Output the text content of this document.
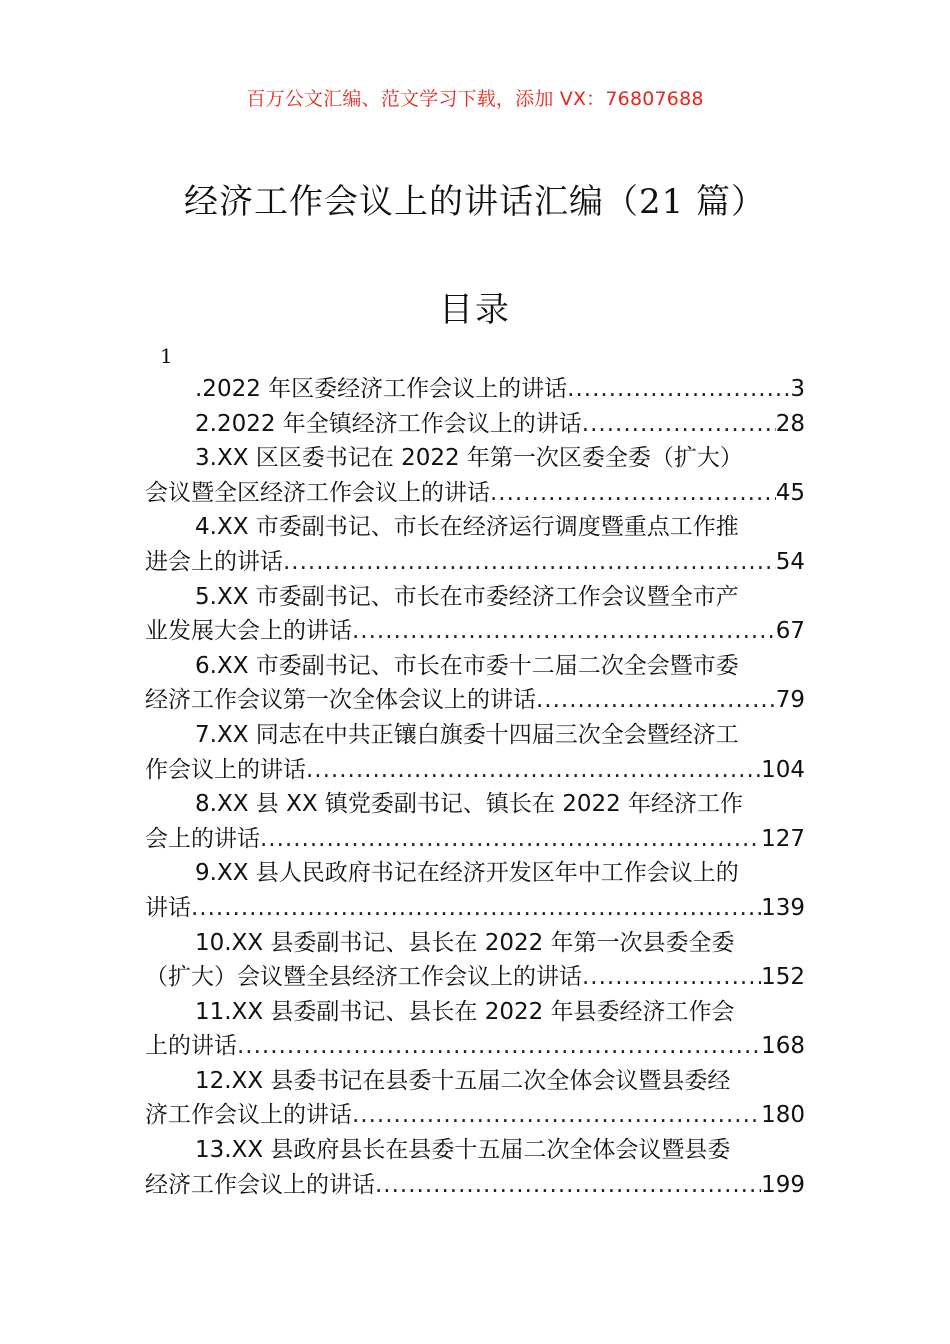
百万公文汇编、范文学习下载，添加 VX：76807688
经济工作会议上的讲话汇编（21 篇）
目录
1
.2022 年区委经济工作会议上的讲话 .....	3
2.2022 年全镇经济工作会议上的讲话 .....	28
3.XX 区区委书记在 2022 年第一次区委全委（扩大）
会议暨全区经济工作会议上的讲话 .....	45
4.XX 市委副书记、市长在经济运行调度暨重点工作推
进会上的讲话 .....	54
5.XX 市委副书记、市长在市委经济工作会议暨全市产
业发展大会上的讲话 .....	67
6.XX 市委副书记、市长在市委十二届二次全会暨市委
经济工作会议第一次全体会议上的讲话 .....	79
7.XX 同志在中共正镶白旗委十四届三次全会暨经济工
作会议上的讲话 .....	104
8.XX 县 XX 镇党委副书记、镇长在 2022 年经济工作
会上的讲话 .....	127
9.XX 县人民政府书记在经济开发区年中工作会议上的
讲话 .....	139
10.XX 县委副书记、县长在 2022 年第一次县委全委
（扩大）会议暨全县经济工作会议上的讲话 .....	152
11.XX 县委副书记、县长在 2022 年县委经济工作会
上的讲话 .....	168
12.XX 县委书记在县委十五届二次全体会议暨县委经
济工作会议上的讲话 .....	180
13.XX 县政府县长在县委十五届二次全体会议暨县委
经济工作会议上的讲话 .....	199
